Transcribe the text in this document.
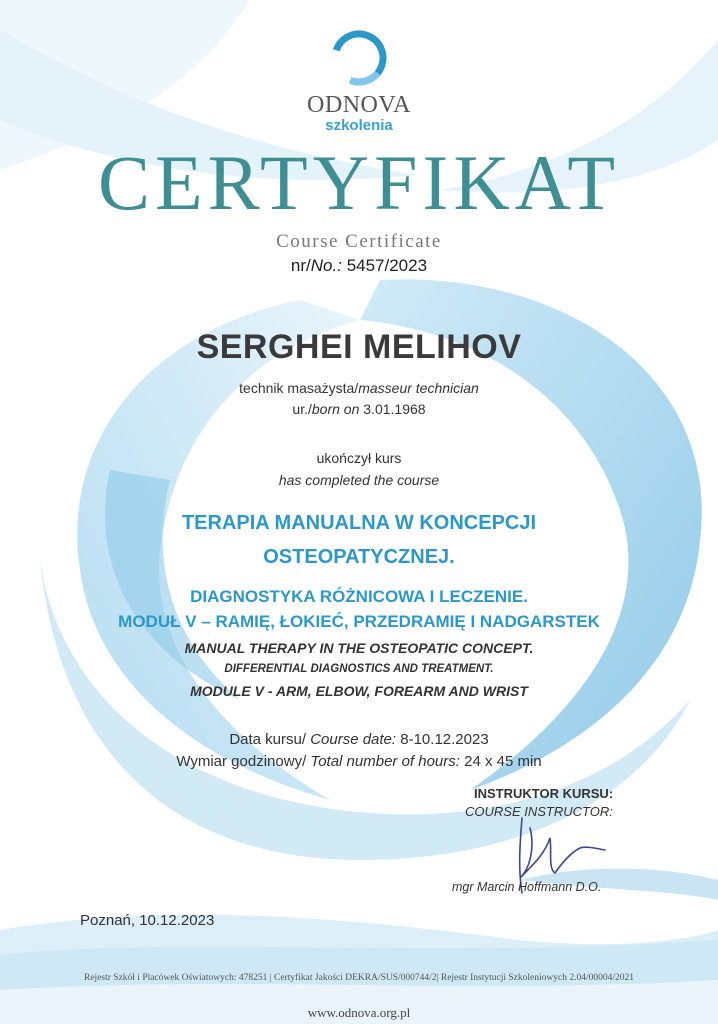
ODNOVA
szkolenia
CERTYFIKAT
Course Certificate
nr/No.: 5457/2023
SERGHEI MELIHOV
technik masażysta/masseur technician
ur./born on 3.01.1968
ukończył kurs
has completed the course
TERAPIA MANUALNA W KONCEPCJI
OSTEOPATYCZNEJ.
DIAGNOSTYKA RÓŻNICOWA I LECZENIE.
MODUŁ V – RAMIĘ, ŁOKIEĆ, PRZEDRAMIĘ I NADGARSTEK
MANUAL THERAPY IN THE OSTEOPATIC CONCEPT.
DIFFERENTIAL DIAGNOSTICS AND TREATMENT.
MODULE V - ARM, ELBOW, FOREARM AND WRIST
Data kursu/ Course date: 8-10.12.2023
Wymiar godzinowy/ Total number of hours: 24 x 45 min
INSTRUKTOR KURSU:
COURSE INSTRUCTOR:
mgr Marcin Hoffmann D.O.
Poznań, 10.12.2023
Rejestr Szkół i Placówek Oświatowych: 478251 | Certyfikat Jakości DEKRA/SUS/000744/2| Rejestr Instytucji Szkoleniowych 2.04/00004/2021
www.odnova.org.pl
